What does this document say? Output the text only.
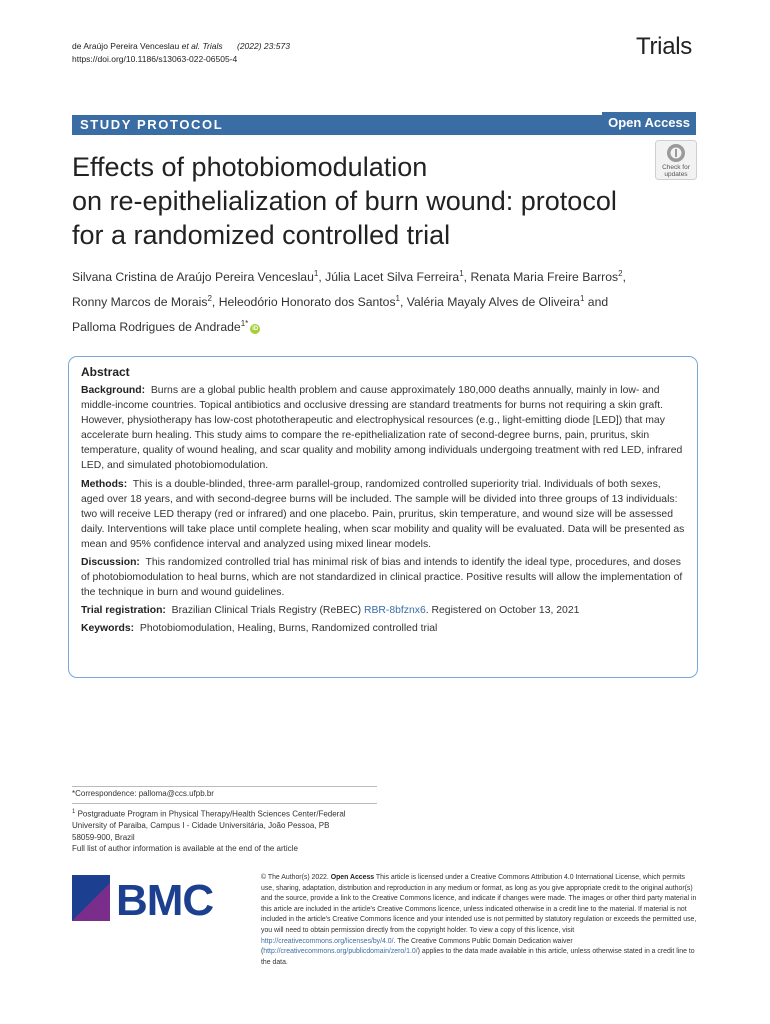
de Araújo Pereira Venceslau et al. Trials (2022) 23:573
https://doi.org/10.1186/s13063-022-06505-4	Trials
STUDY PROTOCOL	Open Access
Check for
updates
Effects of photobiomodulation
on re-epithelialization of burn wound: protocol
for a randomized controlled trial
Silvana Cristina de Araújo Pereira Venceslau$^1$, Júlia Lacet Silva Ferreira$^1$, Renata Maria Freire Barros$^2$,
Ronny Marcos de Morais$^2$, Heleodório Honorato dos Santos$^1$, Valéria Mayaly Alves de Oliveira$^1$ and
Palloma Rodrigues de Andrade$^{1*}$iD
Abstract

Background: Burns are a global public health problem and cause approximately 180,000 deaths annually, mainly in low- and middle-income countries. Topical antibiotics and occlusive dressing are standard treatments for burns not requiring a skin graft. However, physiotherapy has low-cost phototherapeutic and electrophysical resources (e.g., light-emitting diode [LED]) that may accelerate burn healing. This study aims to compare the re-epithelialization rate of second-degree burns, pain, pruritus, skin temperature, quality of wound healing, and scar quality and mobility among individuals undergoing treatment with red LED, infrared LED, and simulated photobiomodulation.

Methods: This is a double-blinded, three-arm parallel-group, randomized controlled superiority trial. Individuals of both sexes, aged over 18 years, and with second-degree burns will be included. The sample will be divided into three groups of 13 individuals: two will receive LED therapy (red or infrared) and one placebo. Pain, pruritus, skin temperature, and wound size will be assessed daily. Interventions will take place until complete healing, when scar mobility and quality will be evaluated. Data will be presented as mean and 95% confidence interval and analyzed using mixed linear models.

Discussion: This randomized controlled trial has minimal risk of bias and intends to identify the ideal type, procedures, and doses of photobiomodulation to heal burns, which are not standardized in clinical practice. Positive results will allow the implementation of the technique in burn and wound guidelines.

Trial registration: Brazilian Clinical Trials Registry (ReBEC) RBR-8bfznx6. Registered on October 13, 2021

Keywords: Photobiomodulation, Healing, Burns, Randomized controlled trial

*Correspondence: palloma@ccs.ufpb.br
$^1$ Postgraduate Program in Physical Therapy/Health Sciences Center/Federal
University of Paraiba, Campus I - Cidade Universitária, João Pessoa, PB
58059-900, Brazil
Full list of author information is available at the end of the article
BMC	© The Author(s) 2022. Open Access This article is licensed under a Creative Commons Attribution 4.0 International License, which permits use, sharing, adaptation, distribution and reproduction in any medium or format, as long as you give appropriate credit to the original author(s) and the source, provide a link to the Creative Commons licence, and indicate if changes were made. The images or other third party material in this article are included in the article's Creative Commons licence, unless indicated otherwise in a credit line to the material. If material is not included in the article's Creative Commons licence and your intended use is not permitted by statutory regulation or exceeds the permitted use, you will need to obtain permission directly from the copyright holder. To view a copy of this licence, visit http://creativecommons.org/licenses/by/4.0/. The Creative Commons Public Domain Dedication waiver (http://creativecommons.org/publicdomain/zero/1.0/) applies to the data made available in this article, unless otherwise stated in a credit line to the data.
